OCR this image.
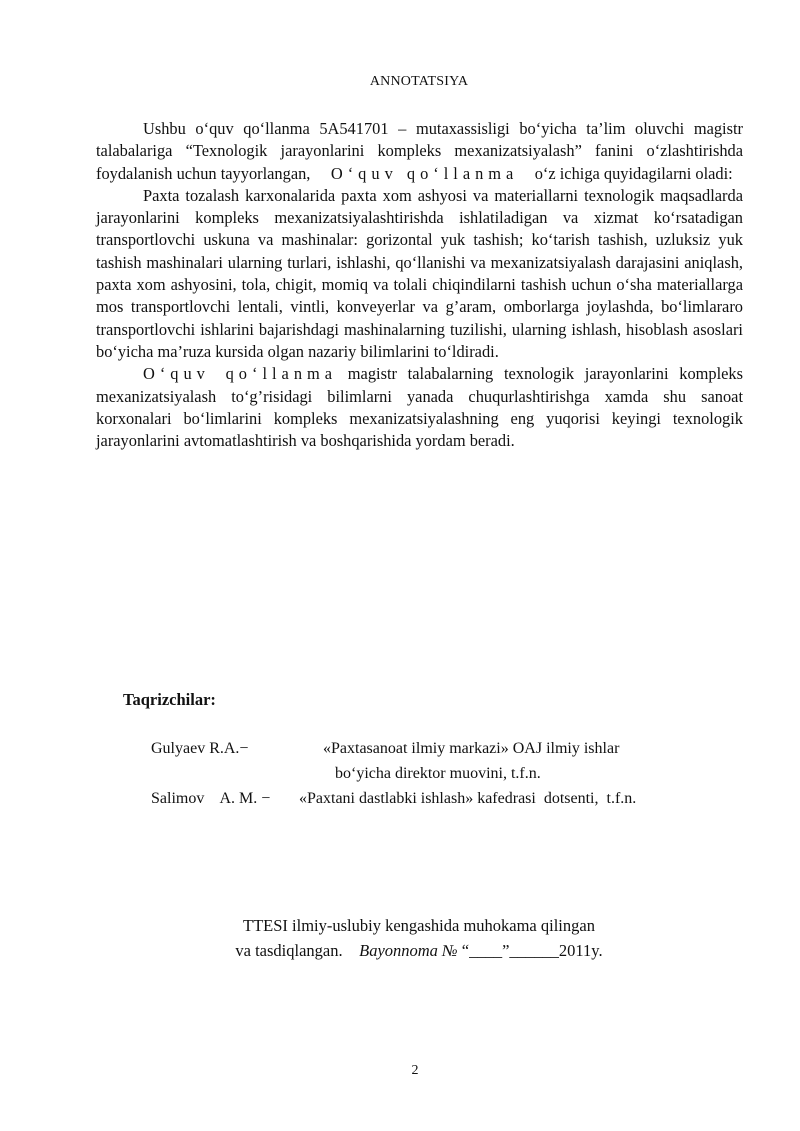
ANNOTATSIYA

Ushbu o‘quv qo‘llanma 5A541701 – mutaxassisligi bo‘yicha ta’lim oluvchi magistr talabalariga “Texnologik jarayonlarini kompleks mexanizatsiyalash” fanini o‘zlashtirishda foydalanish uchun tayyorlangan, O‘quv qo‘llanma o‘z ichiga quyidagilarni oladi:

Paxta tozalash karxonalarida paxta xom ashyosi va materiallarni texnologik maqsadlarda jarayonlarini kompleks mexanizatsiyalashtirishda ishlatiladigan va xizmat ko‘rsatadigan transportlovchi uskuna va mashinalar: gorizontal yuk tashish; ko‘tarish tashish, uzluksiz yuk tashish mashinalari ularning turlari, ishlashi, qo‘llanishi va mexanizatsiyalash darajasini aniqlash, paxta xom ashyosini, tola, chigit, momiq va tolali chiqindilarni tashish uchun o‘sha materiallarga mos transportlovchi lentali, vintli, konveyerlar va g’aram, omborlarga joylashda, bo‘limlararo transportlovchi ishlarini bajarishdagi mashinalarning tuzilishi, ularning ishlash, hisoblash asoslari bo‘yicha ma’ruza kursida olgan nazariy bilimlarini to‘ldiradi.

O‘quv qo‘llanma magistr talabalarning texnologik jarayonlarini kompleks mexanizatsiyalash to‘g’risidagi bilimlarni yanada chuqurlashtirishga xamda shu sanoat korxonalari bo‘limlarini kompleks mexanizatsiyalashning eng yuqorisi keyingi texnologik jarayonlarini avtomatlashtirish va boshqarishida yordam beradi.

Taqrizchilar:
Gulyaev R.A.−	«Paxtasanoat ilmiy markazi» OAJ ilmiy ishlar
bo‘yicha direktor muovini, t.f.n.
Salimov    A. M. − «Paxtani dastlabki ishlash» kafedrasi  dotsenti,  t.f.n.
TTESI ilmiy-uslubiy kengashida muhokama qilingan
va tasdiqlangan. Bayonnoma № “____”______2011y.
2
